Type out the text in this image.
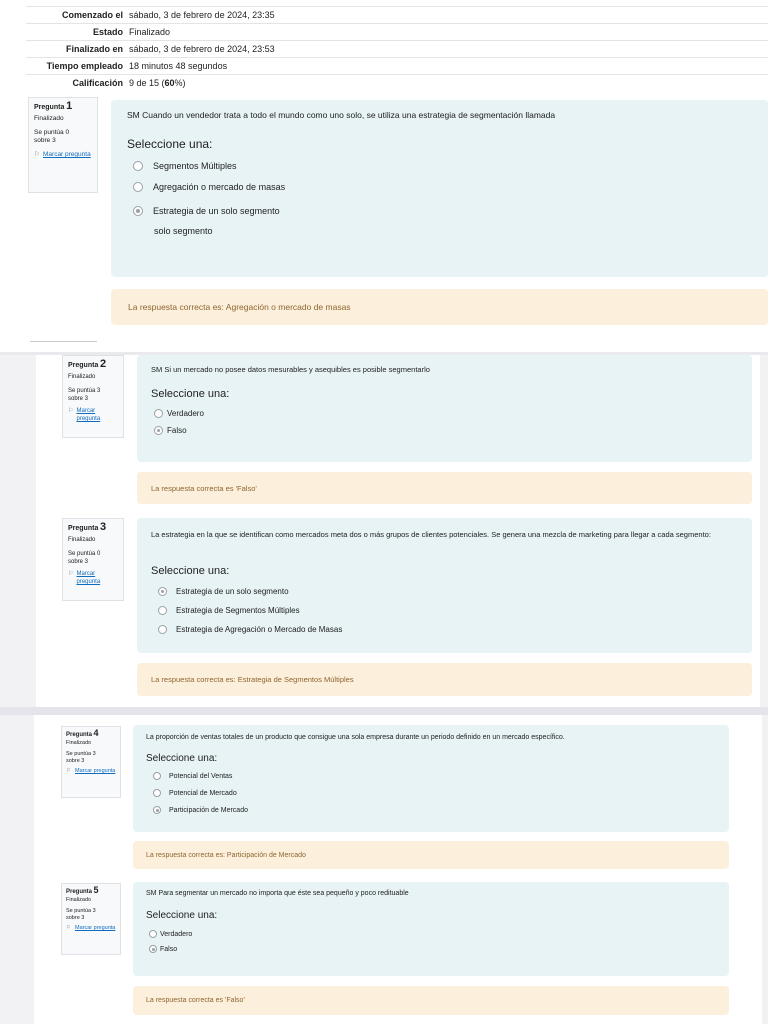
Comenzado el sábado, 3 de febrero de 2024, 23:35
Estado Finalizado
Finalizado en sábado, 3 de febrero de 2024, 23:53
Tiempo empleado 18 minutos 48 segundos
Calificación 9 de 15 (60%)
Pregunta 1
Finalizado
Se puntúa 0 sobre 3
⚐ Marcar pregunta
SM Cuando un vendedor trata a todo el mundo como uno solo, se utiliza una estrategia de segmentación llamada
Seleccione una:
Segmentos Múltiples
Agregación o mercado de masas
Estrategia de un solo segmento
solo segmento
La respuesta correcta es: Agregación o mercado de masas
Pregunta 2
Finalizado
Se puntúa 3 sobre 3
⚐ Marcar pregunta
SM Si un mercado no posee datos mesurables y asequibles es posible segmentarlo
Seleccione una:
Verdadero
Falso
La respuesta correcta es 'Falso'
Pregunta 3
Finalizado
Se puntúa 0 sobre 3
⚐ Marcar pregunta
La estrategia en la que se identifican como mercados meta dos o más grupos de clientes potenciales. Se genera una mezcla de marketing para llegar a cada segmento:
Seleccione una:
Estrategia de un solo segmento
Estrategia de Segmentos Múltiples
Estrategia de Agregación o Mercado de Masas
La respuesta correcta es: Estrategia de Segmentos Múltiples
Pregunta 4
Finalizado
Se puntúa 3 sobre 3
⚐ Marcar pregunta
La proporción de ventas totales de un producto que consigue una sola empresa durante un periodo definido en un mercado específico.
Seleccione una:
Potencial del Ventas
Potencial de Mercado
Participación de Mercado
La respuesta correcta es: Participación de Mercado
Pregunta 5
Finalizado
Se puntúa 3 sobre 3
⚐ Marcar pregunta
SM Para segmentar un mercado no importa que éste sea pequeño y poco redituable
Seleccione una:
Verdadero
Falso
La respuesta correcta es 'Falso'
